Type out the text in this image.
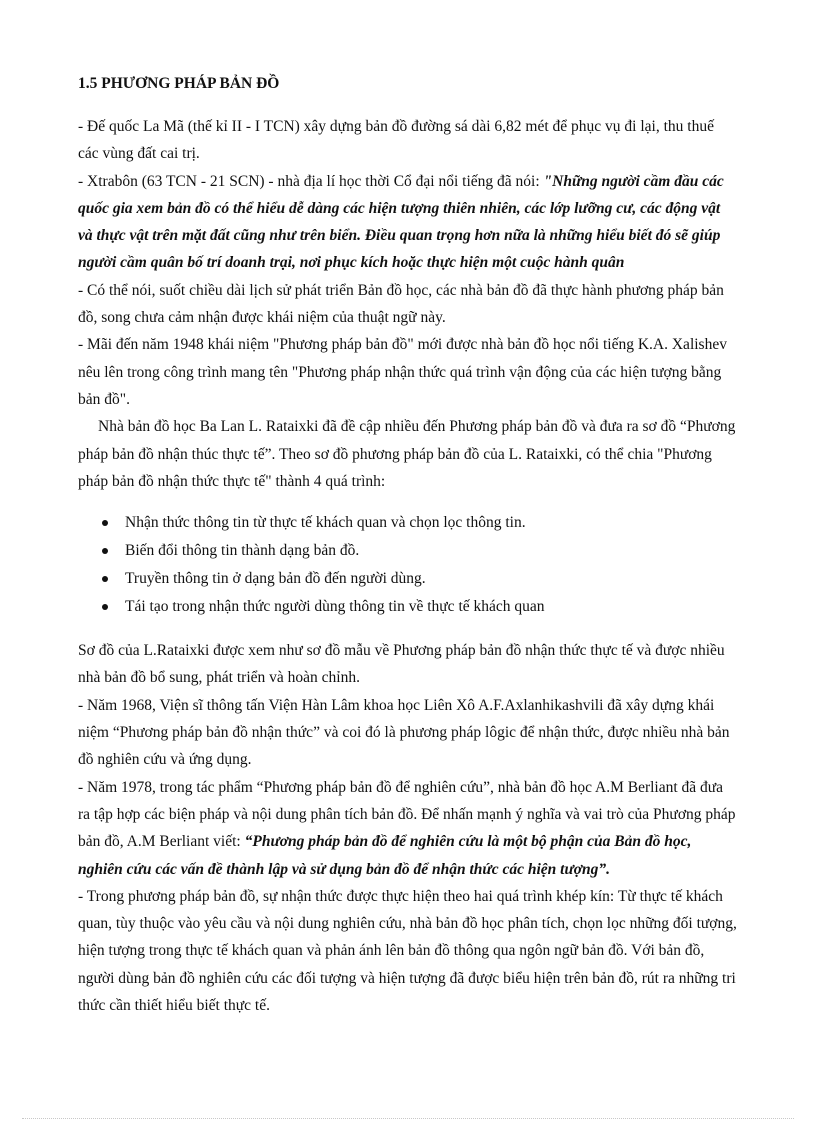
1.5 PHƯƠNG PHÁP BẢN ĐỒ

- Đế quốc La Mã (thế kỉ II - I TCN) xây dựng bản đồ đường sá dài 6,82 mét để phục vụ đi lại, thu thuế các vùng đất cai trị.

- Xtrabôn (63 TCN - 21 SCN) - nhà địa lí học thời Cổ đại nổi tiếng đã nói: "Những người cầm đầu các quốc gia xem bản đồ có thể hiểu dễ dàng các hiện tượng thiên nhiên, các lớp lưỡng cư, các động vật và thực vật trên mặt đất cũng như trên biển. Điều quan trọng hơn nữa là những hiểu biết đó sẽ giúp người cầm quân bố trí doanh trại, nơi phục kích hoặc thực hiện một cuộc hành quân

- Có thể nói, suốt chiều dài lịch sử phát triển Bản đồ học, các nhà bản đồ đã thực hành phương pháp bản đồ, song chưa cảm nhận được khái niệm của thuật ngữ này.

- Mãi đến năm 1948 khái niệm "Phương pháp bản đồ" mới được nhà bản đồ học nổi tiếng K.A. Xalishev nêu lên trong công trình mang tên "Phương pháp nhận thức quá trình vận động của các hiện tượng bằng bản đồ".

Nhà bản đồ học Ba Lan L. Rataixki đã đề cập nhiều đến Phương pháp bản đồ và đưa ra sơ đồ “Phương pháp bản đồ nhận thúc thực tế”. Theo sơ đồ phương pháp bản đồ của L. Rataixki, có thể chia "Phương pháp bản đồ nhận thức thực tế" thành 4 quá trình:

Nhận thức thông tin từ thực tế khách quan và chọn lọc thông tin.
Biến đổi thông tin thành dạng bản đồ.
Truyền thông tin ở dạng bản đồ đến người dùng.
Tái tạo trong nhận thức người dùng thông tin về thực tế khách quan

Sơ đồ của L.Rataixki được xem như sơ đồ mẫu về Phương pháp bản đồ nhận thức thực tế và được nhiều nhà bản đồ bổ sung, phát triển và hoàn chỉnh.

- Năm 1968, Viện sĩ thông tấn Viện Hàn Lâm khoa học Liên Xô A.F.Axlanhikashvili đã xây dựng khái niệm “Phương pháp bản đồ nhận thức” và coi đó là phương pháp lôgic để nhận thức, được nhiều nhà bản đồ nghiên cứu và ứng dụng.

- Năm 1978, trong tác phẩm “Phương pháp bản đồ để nghiên cứu”, nhà bản đồ học A.M Berliant đã đưa ra tập hợp các biện pháp và nội dung phân tích bản đồ. Để nhấn mạnh ý nghĩa và vai trò của Phương pháp bản đồ, A.M Berliant viết: “Phương pháp bản đồ để nghiên cứu là một bộ phận của Bản đồ học, nghiên cứu các vấn đề thành lập và sử dụng bản đồ để nhận thức các hiện tượng”.

- Trong phương pháp bản đồ, sự nhận thức được thực hiện theo hai quá trình khép kín: Từ thực tế khách quan, tùy thuộc vào yêu cầu và nội dung nghiên cứu, nhà bản đồ học phân tích, chọn lọc những đối tượng, hiện tượng trong thực tế khách quan và phản ánh lên bản đồ thông qua ngôn ngữ bản đồ. Với bản đồ, người dùng bản đồ nghiên cứu các đối tượng và hiện tượng đã được biểu hiện trên bản đồ, rút ra những tri thức cần thiết hiểu biết thực tế.
